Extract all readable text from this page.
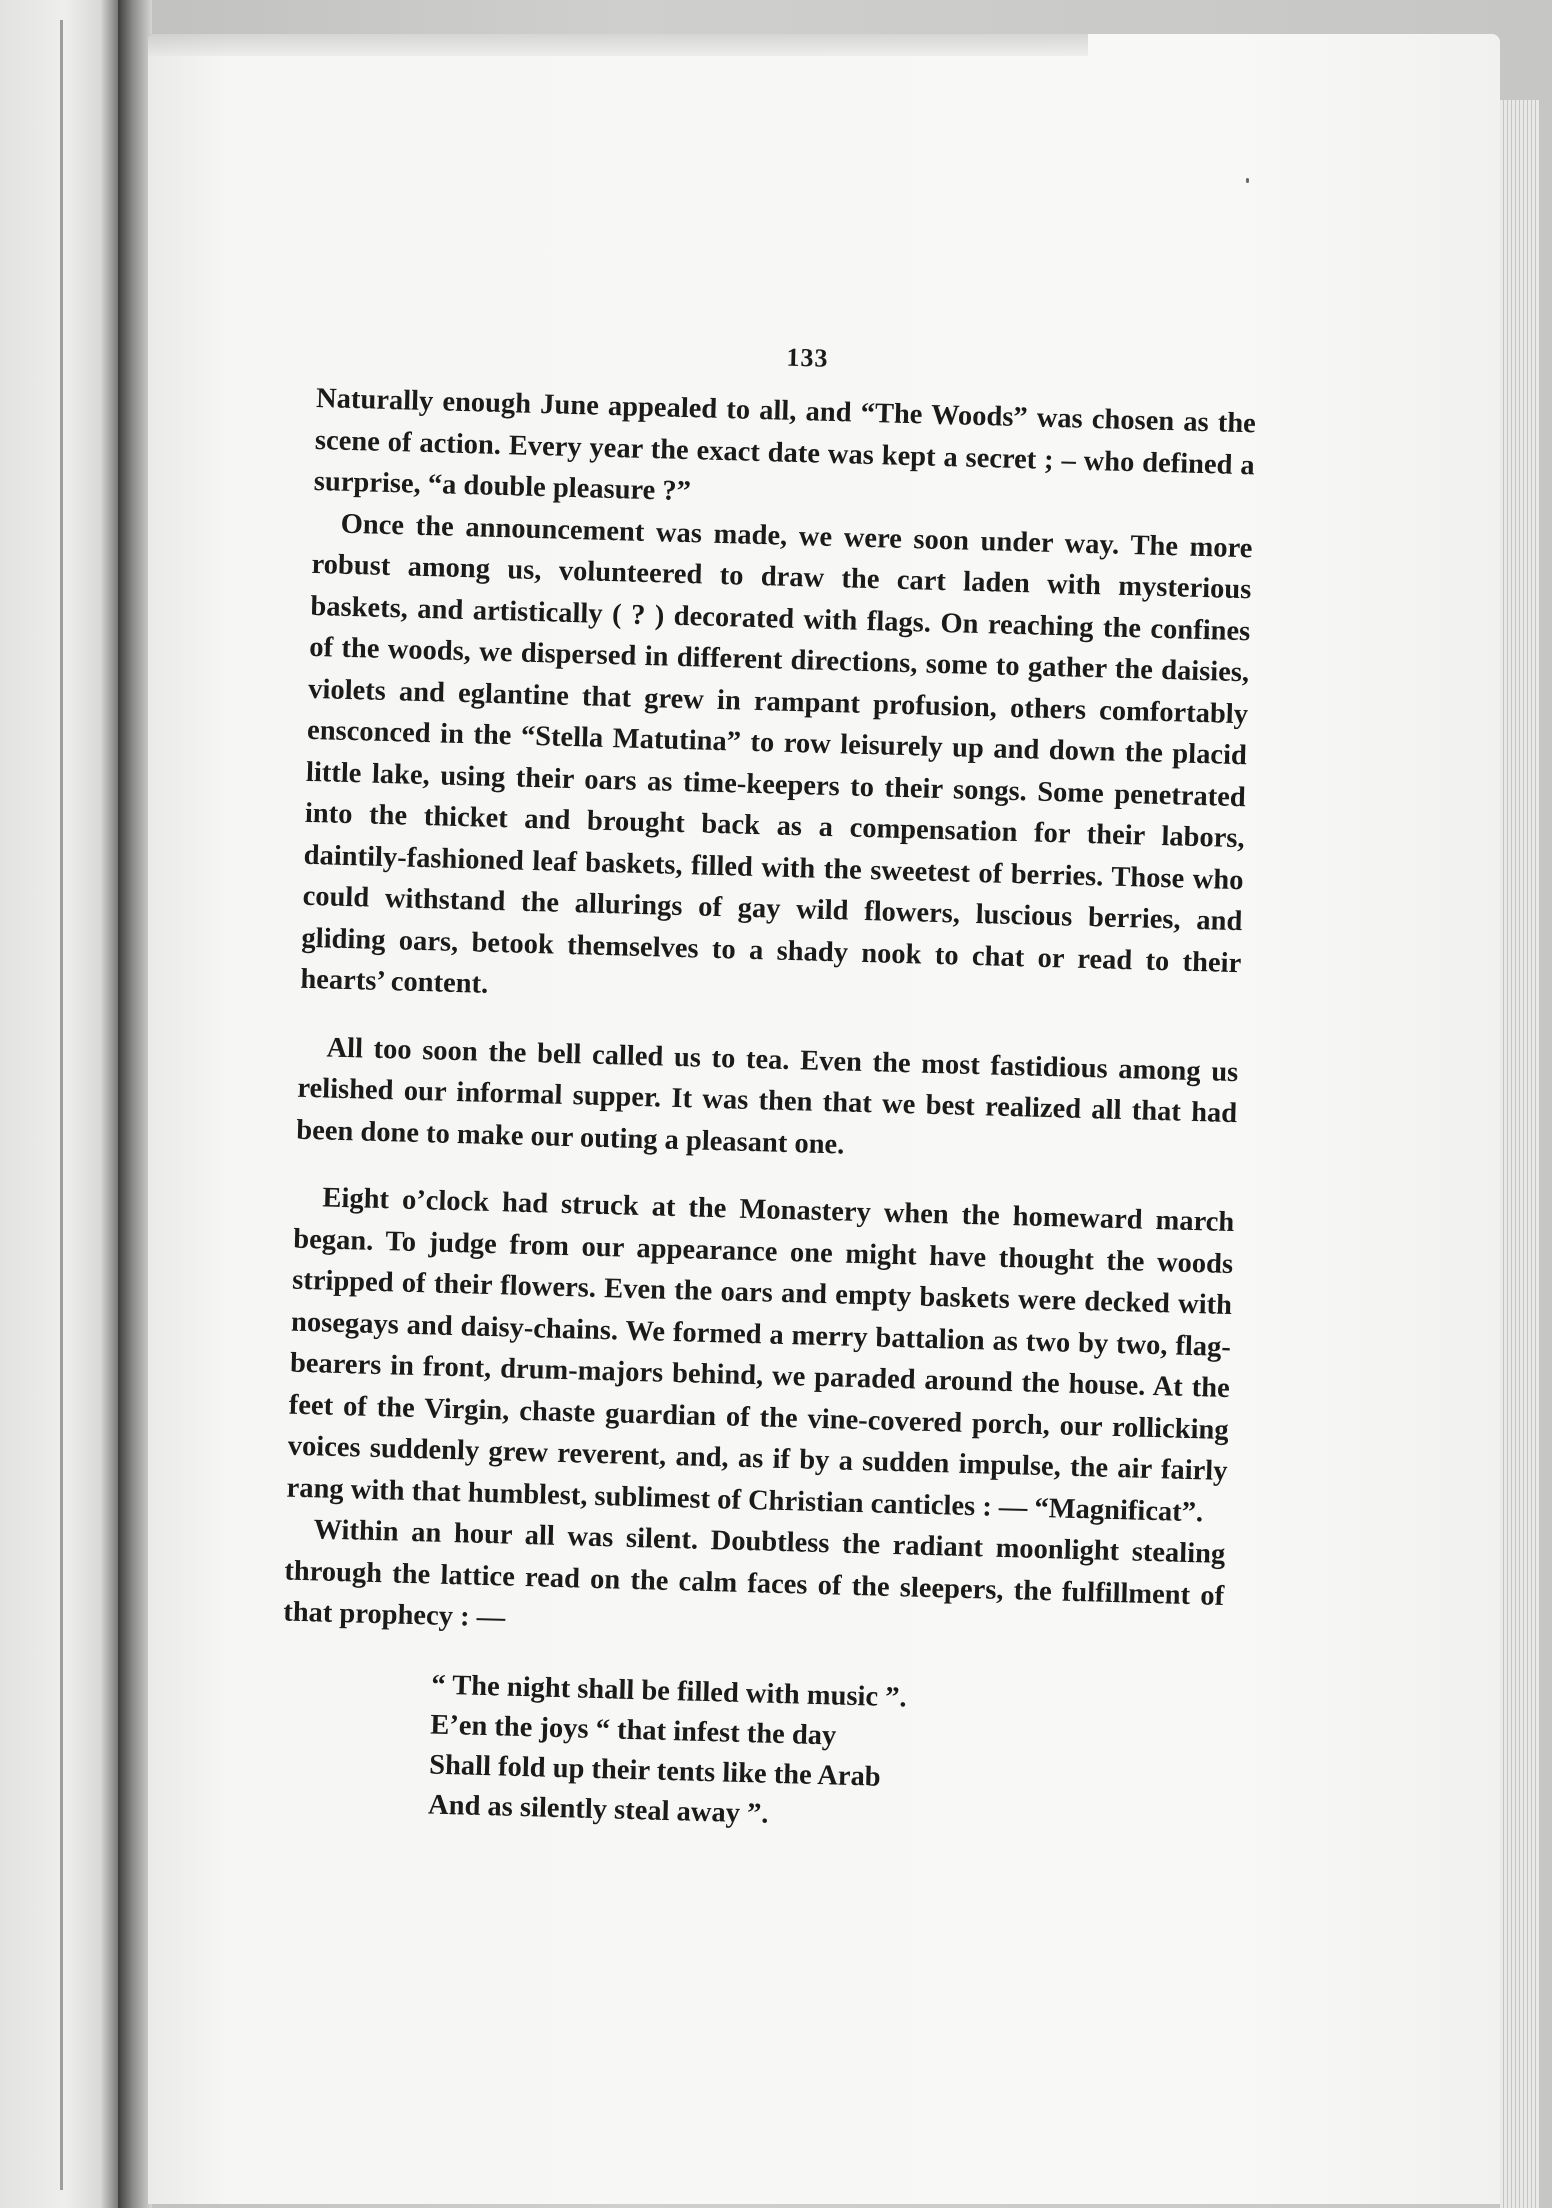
133

Naturally enough June appealed to all, and “The Woods” was chosen as the scene of action. Every year the exact date was kept a secret ; – who defined a surprise, “a double pleasure ?”

Once the announcement was made, we were soon under way. The more robust among us, volunteered to draw the cart laden with mysterious baskets, and artistically ( ? ) decorated with flags. On reaching the confines of the woods, we dispersed in different directions, some to gather the daisies, violets and eglantine that grew in rampant profusion, others comfortably ensconced in the “Stella Matutina” to row leisurely up and down the placid little lake, using their oars as time-keepers to their songs. Some penetrated into the thicket and brought back as a compensation for their labors, daintily-fashioned leaf baskets, filled with the sweetest of berries. Those who could withstand the allurings of gay wild flowers, luscious berries, and gliding oars, betook themselves to a shady nook to chat or read to their hearts’ content.

All too soon the bell called us to tea. Even the most fastidious among us relished our informal supper. It was then that we best realized all that had been done to make our outing a pleasant one.

Eight o’clock had struck at the Monastery when the homeward march began. To judge from our appearance one might have thought the woods stripped of their flowers. Even the oars and empty baskets were decked with nosegays and daisy-chains. We formed a merry battalion as two by two, flag-bearers in front, drum-majors behind, we paraded around the house. At the feet of the Virgin, chaste guardian of the vine-covered porch, our rollicking voices suddenly grew reverent, and, as if by a sudden impulse, the air fairly rang with that humblest, sublimest of Christian canticles : — “Magnificat”.

Within an hour all was silent. Doubtless the radiant moonlight stealing through the lattice read on the calm faces of the sleepers, the fulfillment of that prophecy : —

“ The night shall be filled with music ”.
E’en the joys “ that infest the day
Shall fold up their tents like the Arab
And as silently steal away ”.
